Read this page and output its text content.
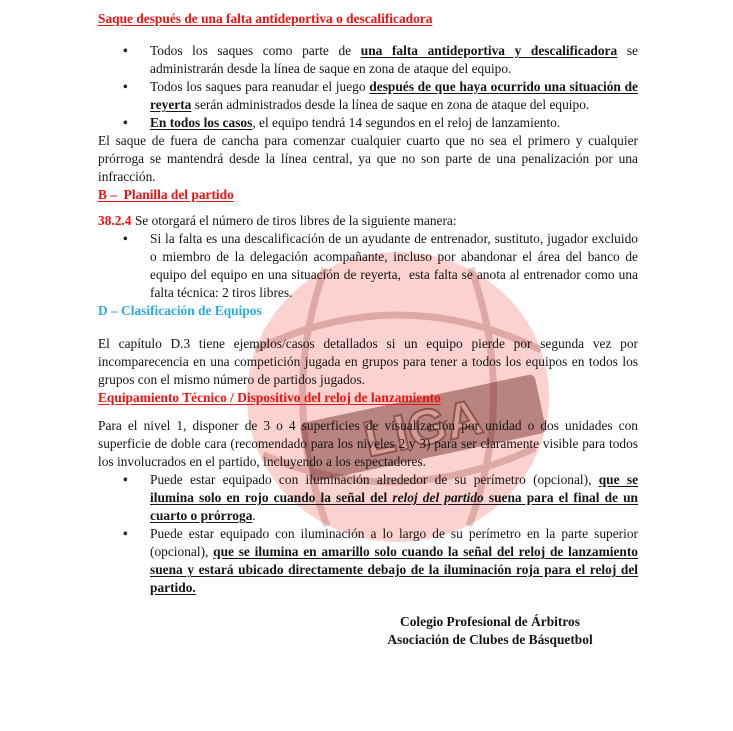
LIGA
Saque después de una falta antideportiva o descalificadora
• Todos los saques como parte de una falta antideportiva y descalificadora se administrarán desde la línea de saque en zona de ataque del equipo.
• Todos los saques para reanudar el juego después de que haya ocurrido una situación de reyerta serán administrados desde la línea de saque en zona de ataque del equipo.
• En todos los casos, el equipo tendrá 14 segundos en el reloj de lanzamiento.

El saque de fuera de cancha para comenzar cualquier cuarto que no sea el primero y cualquier prórroga se mantendrá desde la línea central, ya que no son parte de una penalización por una infracción.

B –  Planilla del partido

38.2.4 Se otorgará el número de tiros libres de la siguiente manera:

• Si la falta es una descalificación de un ayudante de entrenador, sustituto, jugador excluido o miembro de la delegación acompañante, incluso por abandonar el área del banco de equipo del equipo en una situación de reyerta,  esta falta se anota al entrenador como una falta técnica: 2 tiros libres.
D – Clasificación de Equipos

El capítulo D.3 tiene ejemplos/casos detallados si un equipo pierde por segunda vez por incomparecencia en una competición jugada en grupos para tener a todos los equipos en todos los grupos con el mismo número de partidos jugados.

Equipamiento Técnico / Dispositivo del reloj de lanzamiento

Para el nivel 1, disponer de 3 o 4 superficies de visualización por unidad o dos unidades con superficie de doble cara (recomendado para los niveles 2 y 3) para ser claramente visible para todos los involucrados en el partido, incluyendo a los espectadores.

• Puede estar equipado con iluminación alrededor de su perímetro (opcional), que se ilumina solo en rojo cuando la señal del reloj del partido suena para el final de un cuarto o prórroga.
• Puede estar equipado con iluminación a lo largo de su perímetro en la parte superior (opcional), que se ilumina en amarillo solo cuando la señal del reloj de lanzamiento suena y estará ubicado directamente debajo de la iluminación roja para el reloj del partido.
Colegio Profesional de Árbitros
Asociación de Clubes de Básquetbol
